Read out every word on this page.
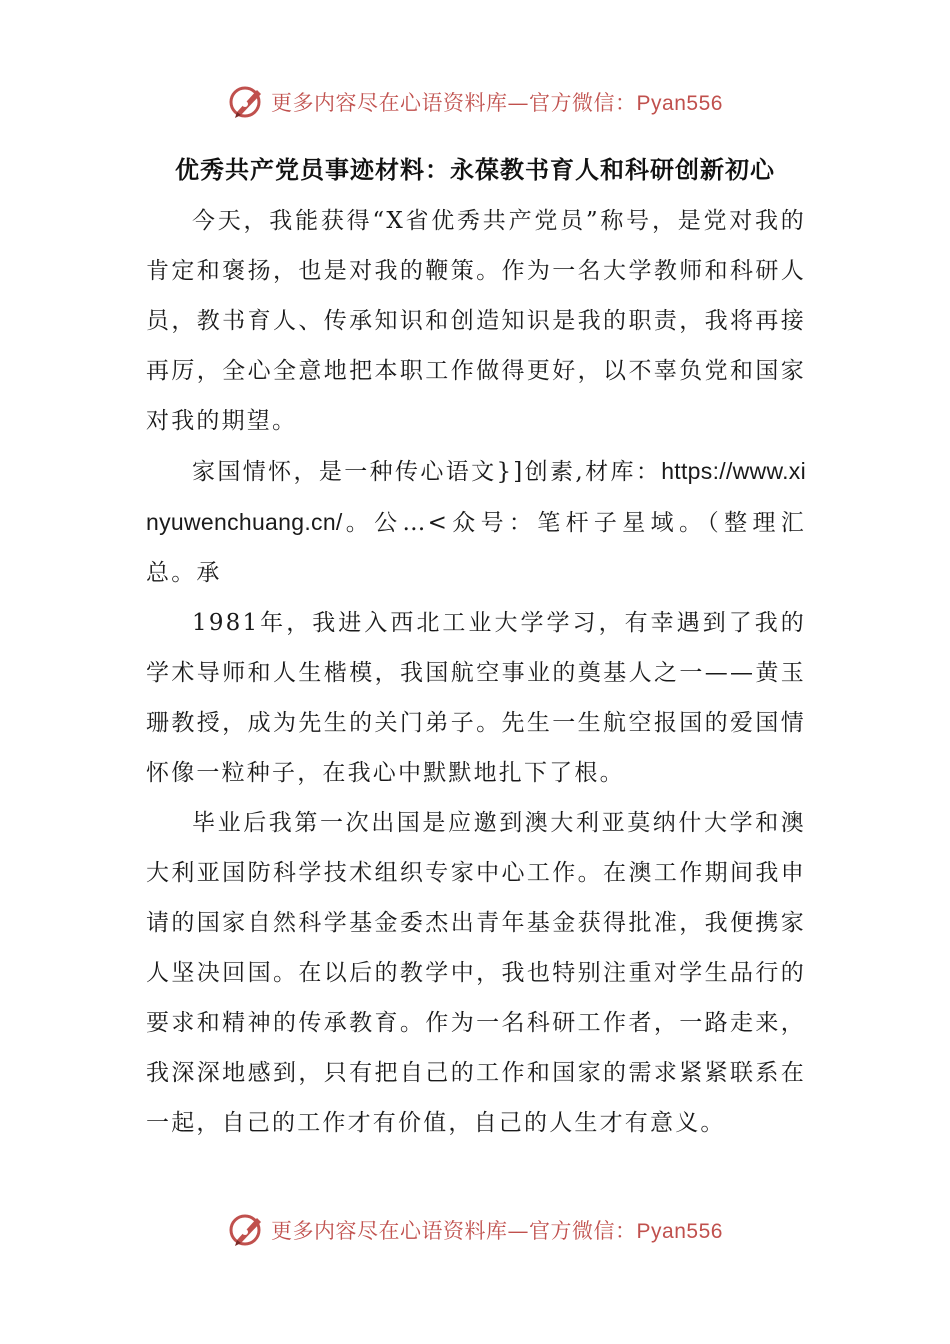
更多内容尽在心语资料库—官方微信：Pyan556
优秀共产党员事迹材料：永葆教书育人和科研创新初心

今天，我能获得“X省优秀共产党员”称号，是党对我的肯定和褒扬，也是对我的鞭策。作为一名大学教师和科研人员，教书育人、传承知识和创造知识是我的职责，我将再接再厉，全心全意地把本职工作做得更好，以不辜负党和国家对我的期望。

家国情怀，是一种传心语文}]创素,材库：https://www.xinyuwenchuang.cn/。公…<众号：笔杆子星域。（整理汇总。承

1981年，我进入西北工业大学学习，有幸遇到了我的学术导师和人生楷模，我国航空事业的奠基人之一——黄玉珊教授，成为先生的关门弟子。先生一生航空报国的爱国情怀像一粒种子，在我心中默默地扎下了根。

毕业后我第一次出国是应邀到澳大利亚莫纳什大学和澳大利亚国防科学技术组织专家中心工作。在澳工作期间我申请的国家自然科学基金委杰出青年基金获得批准，我便携家人坚决回国。在以后的教学中，我也特别注重对学生品行的要求和精神的传承教育。作为一名科研工作者，一路走来，我深深地感到，只有把自己的工作和国家的需求紧紧联系在一起，自己的工作才有价值，自己的人生才有意义。

更多内容尽在心语资料库—官方微信：Pyan556
